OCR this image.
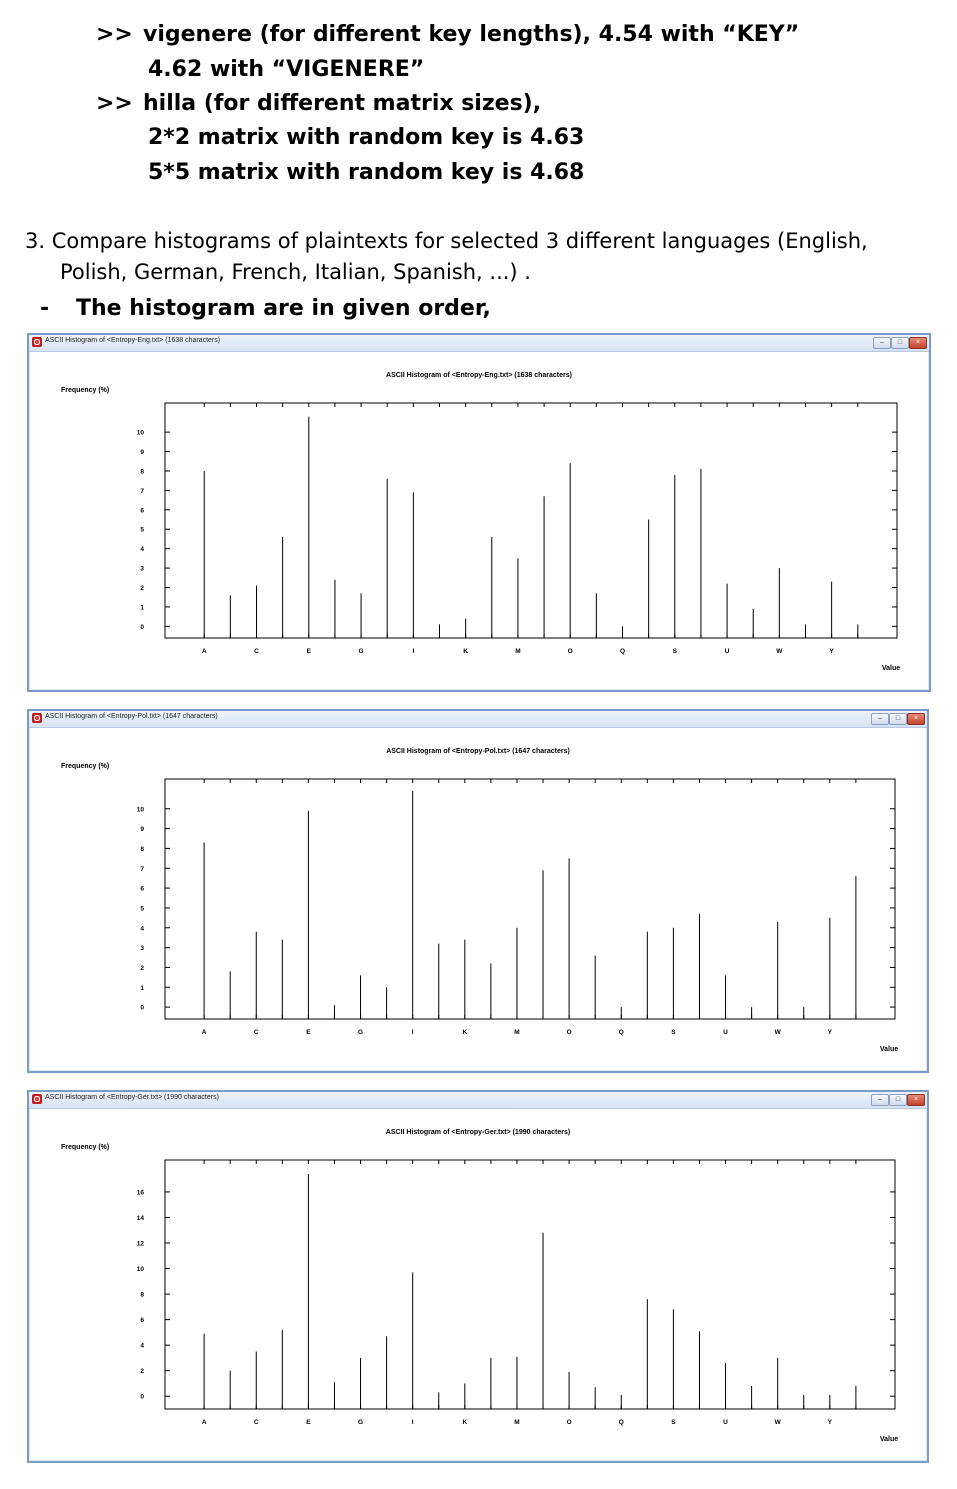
>> vigenere (for different key lengths), 4.54 with “KEY”
4.62 with “VIGENERE”
>> hilla (for different matrix sizes),
2*2 matrix with random key is 4.63
5*5 matrix with random key is 4.68
3. Compare histograms of plaintexts for selected 3 different languages (English,
Polish, German, French, Italian, Spanish, ...) .
- The histogram are in given order,
ASCII Histogram of <Entropy-Eng.txt> (1638 characters)	–	□	×
ASCII Histogram of <Entropy-Eng.txt> (1638 characters)
Frequency (%)
Value
0
1
2
3
4
5
6
7
8
9
10
A	C	E	G	I	K	M	O	Q	S	U	W	Y
ASCII Histogram of <Entropy-Pol.txt> (1647 characters)	–	□	×
ASCII Histogram of <Entropy-Pol.txt> (1647 characters)
Frequency (%)
Value
0
1
2
3
4
5
6
7
8
9
10
A	C	E	G	I	K	M	O	Q	S	U	W	Y
ASCII Histogram of <Entropy-Ger.txt> (1990 characters)	–	□	×
ASCII Histogram of <Entropy-Ger.txt> (1990 characters)
Frequency (%)
Value
0
2
4
6
8
10
12
14
16
A	C	E	G	I	K	M	O	Q	S	U	W	Y
